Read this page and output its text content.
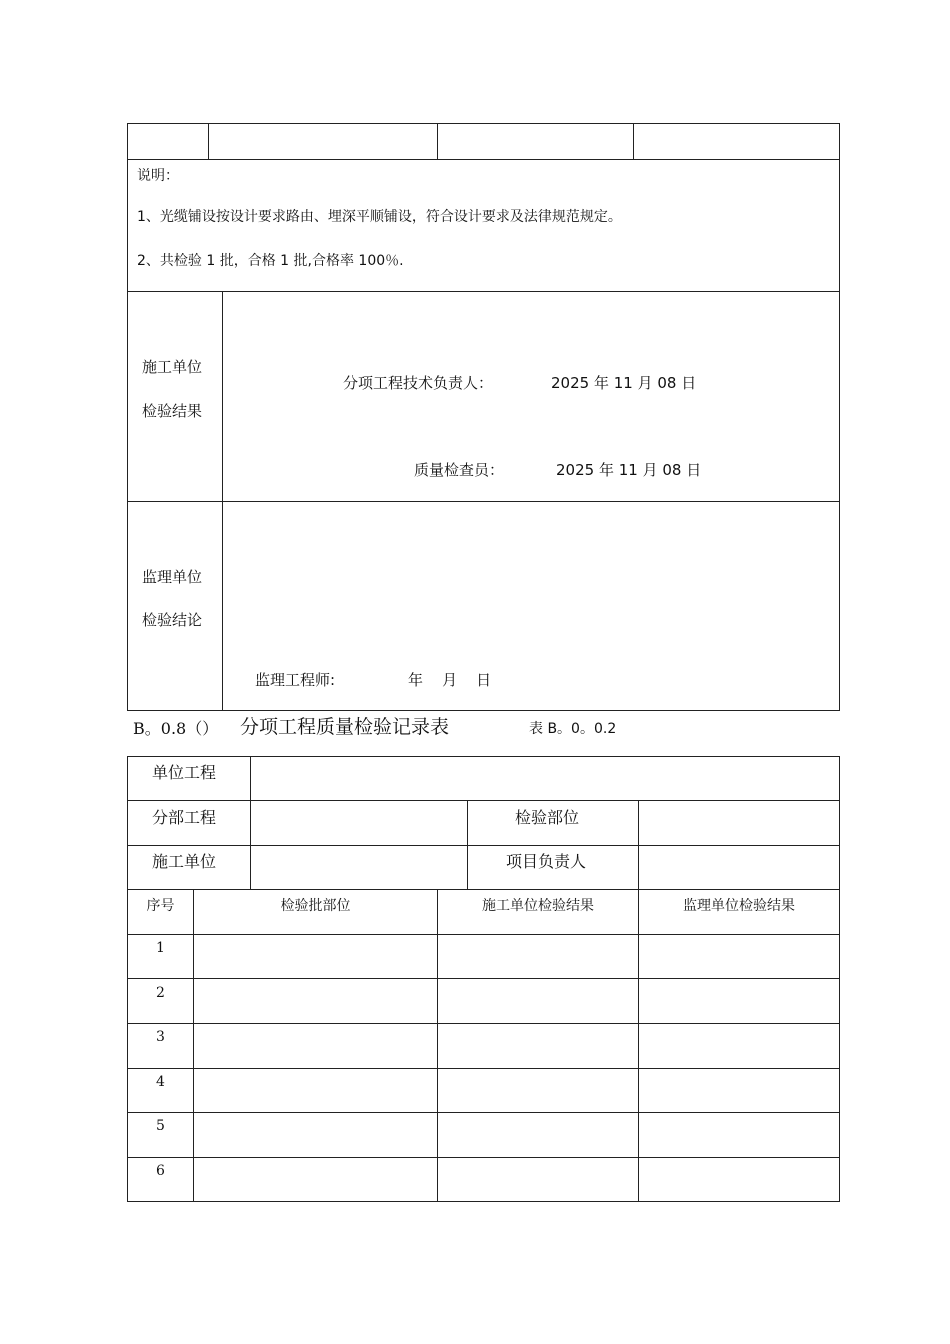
说明：
1、光缆铺设按设计要求路由、埋深平顺铺设，符合设计要求及法律规范规定。
2、共检验 1 批，合格 1 批,合格率 100％.
施工单位
检验结果
分项工程技术负责人：	2025 年 11 月 08 日
质量检查员：	2025 年 11 月 08 日
监理单位
检验结论
监理工程师:	年    月    日
B。0.8（） 分项工程质量检验记录表	表 B。0。0.2
单位工程
分部工程	检验部位
施工单位	项目负责人
序号	检验批部位	施工单位检验结果	监理单位检验结果
1
2
3
4
5
6
